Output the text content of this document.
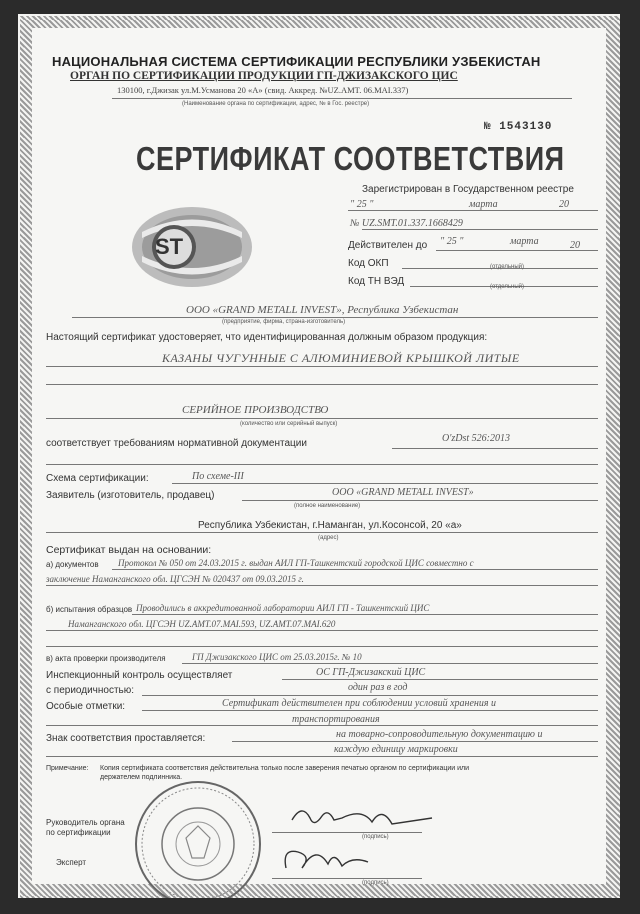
НАЦИОНАЛЬНАЯ СИСТЕМА СЕРТИФИКАЦИИ РЕСПУБЛИКИ УЗБЕКИСТАН
ОРГАН ПО СЕРТИФИКАЦИИ ПРОДУКЦИИ ГП-ДЖИЗАКСКОГО ЦИС
130100, г.Джизак ул.М.Усманова 20 «А» (свид. Аккред. №UZ.AMT. 06.MAI.337)
(Наименование органа по сертификации, адрес, № в Гос. реестре)
№ 1543130
СЕРТИФИКАТ СООТВЕТСТВИЯ
ST
Зарегистрирован в Государственном реестре
" 25 "	марта	20
№ UZ.SMT.01.337.1668429
Действителен до " 25 "	марта	20
Код ОКП	(отдельный)
Код ТН ВЭД	(отдельный)
ООО «GRAND METALL INVEST», Республика Узбекистан
(предприятие, фирма, страна-изготовитель)
Настоящий сертификат удостоверяет, что идентифицированная должным образом продукция:
КАЗАНЫ ЧУГУННЫЕ С АЛЮМИНИЕВОЙ КРЫШКОЙ ЛИТЫЕ
СЕРИЙНОЕ ПРОИЗВОДСТВО
(количество или серийный выпуск)
соответствует требованиям нормативной документации	O'zDst 526:2013
Схема сертификации:	По схеме-III
Заявитель (изготовитель, продавец)	ООО «GRAND METALL INVEST»
(полное наименование)
Республика Узбекистан, г.Наманган, ул.Косонсой, 20 «а»
(адрес)
Сертификат выдан на основании:
а) документов Протокол № 050 от 24.03.2015 г. выдан АИЛ ГП-Ташкентский городской ЦИС совместно с
заключение Наманганского обл. ЦГСЭН № 020437 от 09.03.2015 г.
б) испытания образцов Проводились в аккредитованной лаборатории АИЛ ГП - Ташкентский ЦИС
Наманганского обл. ЦГСЭН UZ.AMT.07.MAI.593, UZ.AMT.07.MAI.620
в) акта проверки производителя	ГП Джизакского ЦИС от 25.03.2015г. № 10
Инспекционный контроль осуществляет	ОС ГП-Джизакский ЦИС
с периодичностью:	один раз в год
Особые отметки:	Сертификат действителен при соблюдении условий хранения и
транспортирования
Знак соответствия проставляется:	на товарно-сопроводительную документацию и
каждую единицу маркировки
Примечание: Копия сертификата соответствия действительна только после заверения печатью органом по сертификации или
держателем подлинника.
Руководитель органа
по сертификации	(подпись)
Эксперт
(подпись)
